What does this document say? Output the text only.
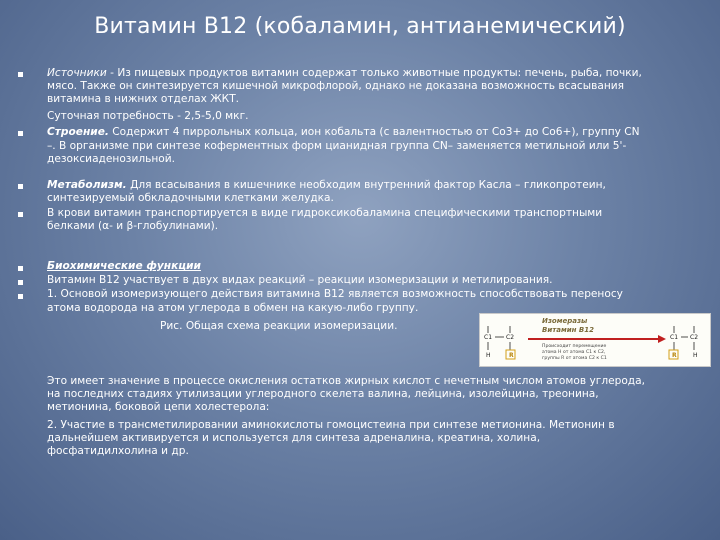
Витамин В12 (кобаламин, антианемический)

Источники - Из пищевых продуктов витамин содержат только животные продукты: печень, рыба, почки,

мясо. Также он синтезируется кишечной микрофлорой, однако не доказана возможность всасывания

витамина в нижних отделах ЖКТ.

Суточная потребность - 2,5-5,0 мкг.

Строение. Содержит 4 пиррольных кольца, ион кобальта (с валентностью от Co3+ до Co6+), группу CN

–. В организме при синтезе коферментных форм цианидная группа CN– заменяется метильной или 5'-

дезоксиаденозильной.

Метаболизм. Для всасывания в кишечнике необходим внутренний фактор Касла – гликопротеин,

синтезируемый обкладочными клетками желудка.

В крови витамин транспортируется в виде гидроксикобаламина специфическими транспортными

белками (α- и β-глобулинами).

Биохимические функции

Витамин В12 участвует в двух видах реакций – реакции изомеризации и метилирования.

1. Основой изомеризующего действия витамина В12 является возможность способствовать переносу

атома водорода на атом углерода в обмен на какую-либо группу.

Рис. Общая схема реакции изомеризации.

C1 C2
H	R
Изомеразы
Витамин В12
Происходит перемещение
атома H от атома C1 к C2,
группы R от атома C2 к C1
C1 C2
R	H

Это имеет значение в процессе окисления остатков жирных кислот с нечетным числом атомов углерода,

на последних стадиях утилизации углеродного скелета валина, лейцина, изолейцина, треонина,

метионина, боковой цепи холестерола:

2. Участие в трансметилировании аминокислоты гомоцистеина при синтезе метионина. Метионин в

дальнейшем активируется и используется для синтеза адреналина, креатина, холина,

фосфатидилхолина и др.
